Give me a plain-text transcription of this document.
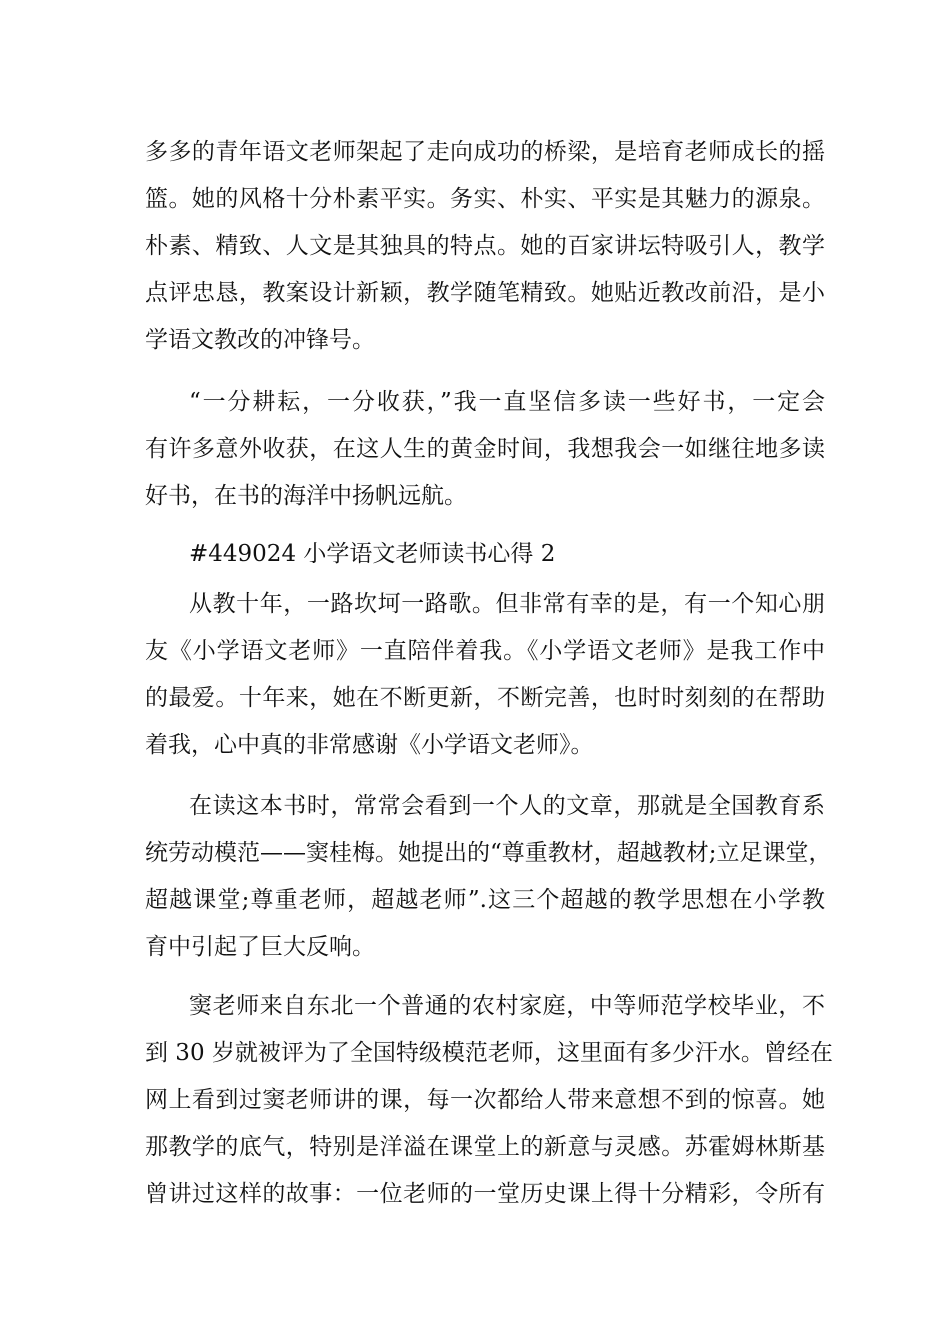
多多的青年语文老师架起了走向成功的桥梁，是培育老师成长的摇
篮。她的风格十分朴素平实。务实、朴实、平实是其魅力的源泉。
朴素、精致、人文是其独具的特点。她的百家讲坛特吸引人，教学
点评忠恳，教案设计新颖，教学随笔精致。她贴近教改前沿，是小
学语文教改的冲锋号。
“一分耕耘，一分收获，”我一直坚信多读一些好书，一定会
有许多意外收获，在这人生的黄金时间，我想我会一如继往地多读
好书，在书的海洋中扬帆远航。
#449024 小学语文老师读书心得 2
从教十年，一路坎坷一路歌。但非常有幸的是，有一个知心朋
友《小学语文老师》一直陪伴着我。《小学语文老师》是我工作中
的最爱。十年来，她在不断更新，不断完善，也时时刻刻的在帮助
着我，心中真的非常感谢《小学语文老师》。
在读这本书时，常常会看到一个人的文章，那就是全国教育系
统劳动模范——窦桂梅。她提出的“尊重教材，超越教材;立足课堂，
超越课堂;尊重老师，超越老师”.这三个超越的教学思想在小学教
育中引起了巨大反响。
窦老师来自东北一个普通的农村家庭，中等师范学校毕业，不
到 30 岁就被评为了全国特级模范老师，这里面有多少汗水。曾经在
网上看到过窦老师讲的课，每一次都给人带来意想不到的惊喜。她
那教学的底气，特别是洋溢在课堂上的新意与灵感。苏霍姆林斯基
曾讲过这样的故事：一位老师的一堂历史课上得十分精彩，令所有
